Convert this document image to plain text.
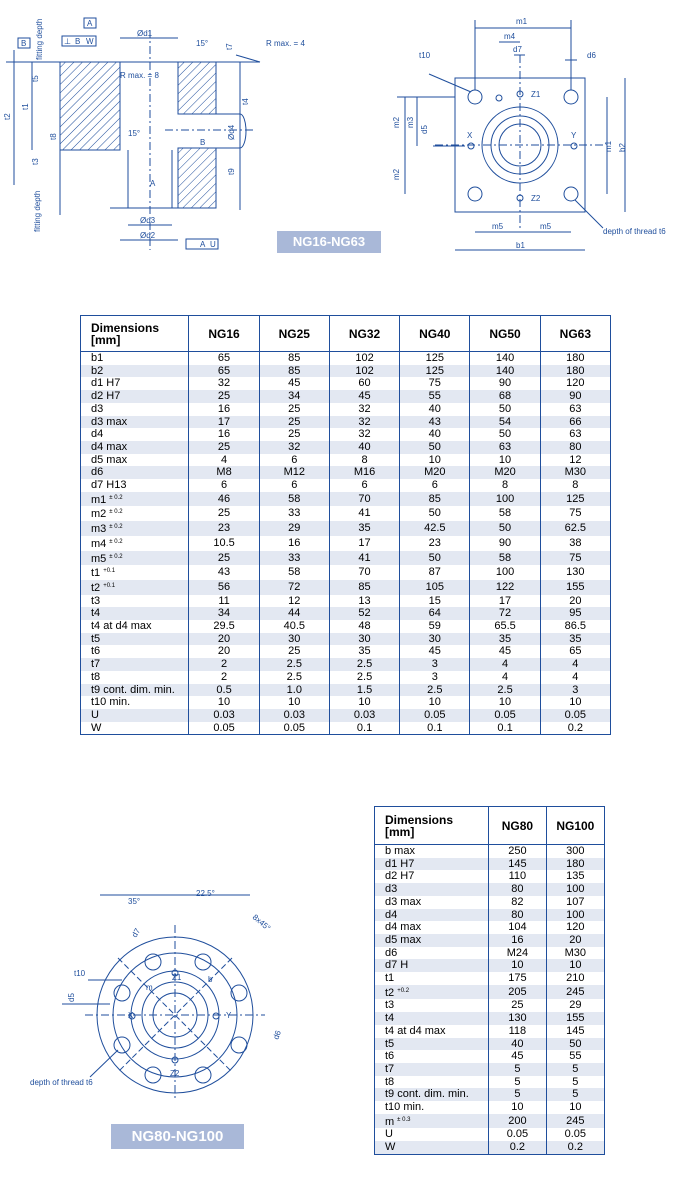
A
B	⊥ B W
Ød1
15° t7	R max. = 4
fitting depth
t5	R max. = 8
t2
t1
t4
t8	Ød4
B
t3
t9
fitting depth
A
Ød3
Ød2
A U
15°
m1
m4
d7
d6
t10
Z1
m2 m3
d5
X	Y
m1 b2
m2
Z2
m5	m5
b1
depth of thread t6
NG16-NG63
Dimensions
[mm]	NG16	NG25	NG32	NG40	NG50	NG63
b1	65	85	102	125	140	180
b2	65	85	102	125	140	180
d1 H7	32	45	60	75	90	120
d2 H7	25	34	45	55	68	90
d3	16	25	32	40	50	63
d3 max	17	25	32	43	54	66
d4	16	25	32	40	50	63
d4 max	25	32	40	50	63	80
d5 max	4	6	8	10	10	12
d6	M8	M12	M16	M20	M20	M30
d7 H13	6	6	6	6	8	8
m1 $^{\pm 0.2}$	46	58	70	85	100	125
m2 $^{\pm 0.2}$	25	33	41	50	58	75
m3 $^{\pm 0.2}$	23	29	35	42.5	50	62.5
m4 $^{\pm 0.2}$	10.5	16	17	23	90	38
m5 $^{\pm 0.2}$	25	33	41	50	58	75
t1 $^{+0.1}$	43	58	70	87	100	130
t2 $^{+0.1}$	56	72	85	105	122	155
t3	11	12	13	15	17	20
t4	34	44	52	64	72	95
t4 at d4 max	29.5	40.5	48	59	65.5	86.5
t5	20	30	30	30	35	35
t6	20	25	35	45	45	65
t7	2	2.5	2.5	3	4	4
t8	2	2.5	2.5	3	4	4
t9 cont. dim. min.	0.5	1.0	1.5	2.5	2.5	3
t10 min.	10	10	10	10	10	10
U	0.03	0.03	0.03	0.05	0.05	0.05
W	0.05	0.05	0.1	0.1	0.1	0.2
35°
22.5°
8x45°
d7
t10	Z1
m
b
d5
X	Y
d6
Z2
depth of thread t6
NG80-NG100
Dimensions
[mm]	NG80	NG100
b max	250	300
d1 H7	145	180
d2 H7	110	135
d3	80	100
d3 max	82	107
d4	80	100
d4 max	104	120
d5 max	16	20
d6	M24	M30
d7 H	10	10
t1	175	210
t2 $^{+0.2}$	205	245
t3	25	29
t4	130	155
t4 at d4 max	118	145
t5	40	50
t6	45	55
t7	5	5
t8	5	5
t9 cont. dim. min.	5	5
t10 min.	10	10
m $^{\pm 0.3}$	200	245
U	0.05	0.05
W	0.2	0.2
